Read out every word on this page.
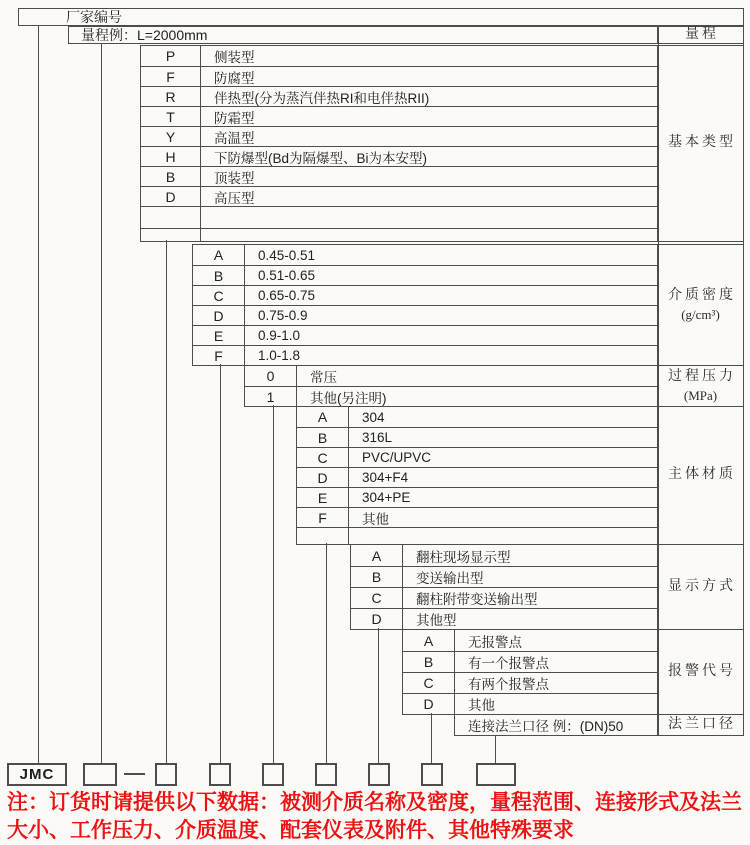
厂家编号
量程例：L=2000mm	量程
P	侧装型
F	防腐型
R	伴热型(分为蒸汽伴热RI和电伴热RII)
T	防霜型
Y	高温型
H	下防爆型(Bd为隔爆型、Bi为本安型)
B	顶装型
D	高压型
基本类型
A	0.45-0.51
B	0.51-0.65
C	0.65-0.75
D	0.75-0.9
E	0.9-1.0
F	1.0-1.8
介质密度
(g/cm³)
0	常压
1	其他(另注明)
过程压力
(MPa)
A	304
B	316L
C	PVC/UPVC
D	304+F4
E	304+PE
F	其他
主体材质
A	翻柱现场显示型
B	变送输出型
C	翻柱附带变送输出型
D	其他型
显示方式
A	无报警点
B	有一个报警点
C	有两个报警点
D	其他
报警代号
连接法兰口径 例：(DN)50	法兰口径
JMC
注：订货时请提供以下数据：被测介质名称及密度，量程范围、连接形式及法兰
大小、工作压力、介质温度、配套仪表及附件、其他特殊要求
